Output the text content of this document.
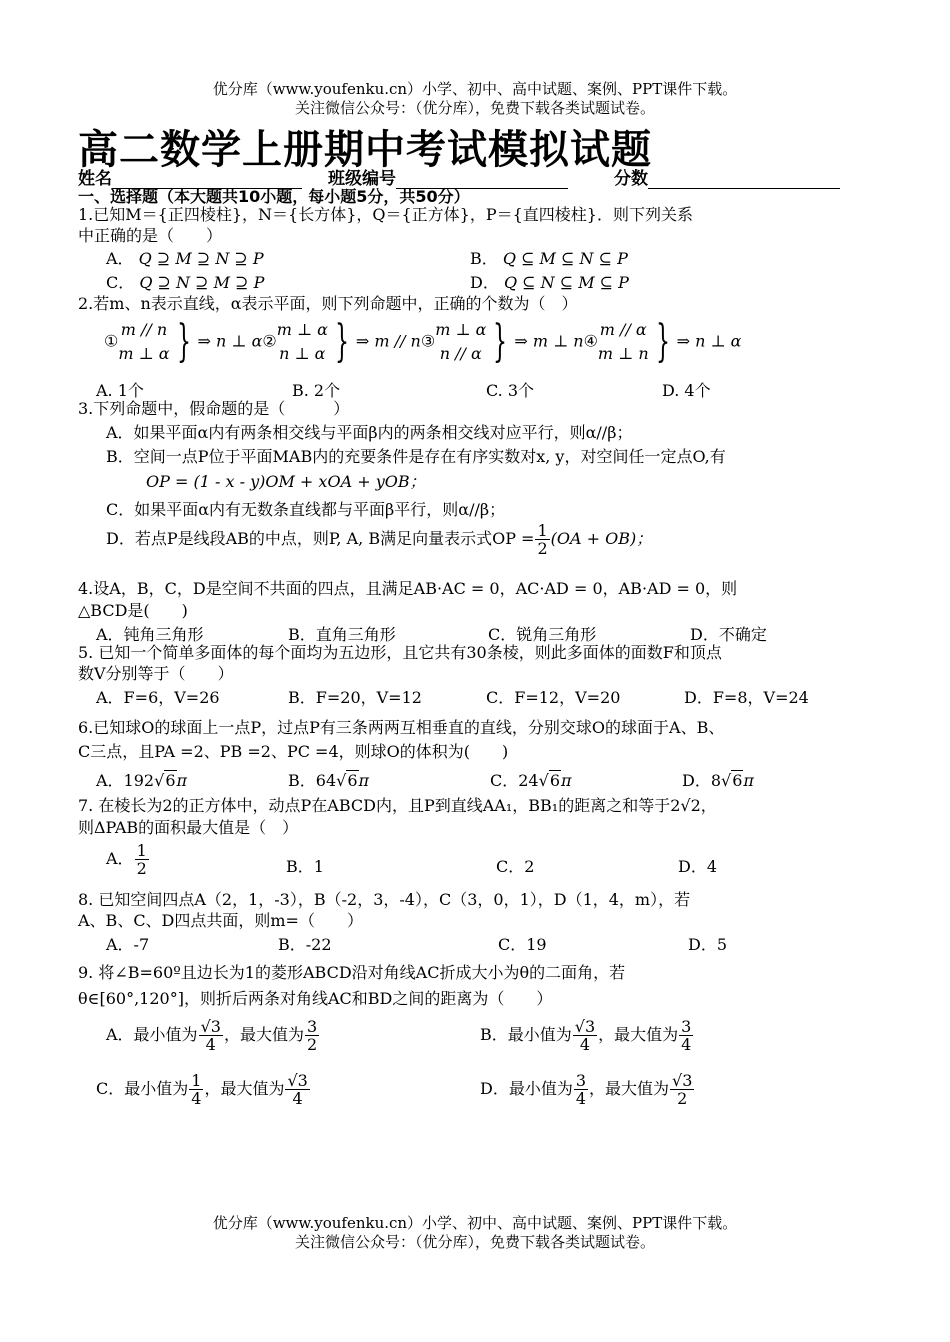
优分库（www.youfenku.cn）小学、初中、高中试题、案例、PPT课件下载。
关注微信公众号：（优分库），免费下载各类试题试卷。
高二数学上册期中考试模拟试题
姓名	班级编号	分数
一、选择题（本大题共10小题，每小题5分，共50分）
1.已知M＝{正四棱柱}，N＝{长方体}，Q＝{正方体}，P＝{直四棱柱}．则下列关系
中正确的是（　　）
A． Q ⊇ M ⊇ N ⊇ P	B． Q ⊆ M ⊆ N ⊆ P
C． Q ⊇ N ⊇ M ⊇ P	D． Q ⊆ N ⊆ M ⊆ P
2.若m、n表示直线，α表示平面，则下列命题中，正确的个数为（　）
①
m // n
m ⊥ α } ⇒ n ⊥ α②
m ⊥ α
n ⊥ α } ⇒ m // n③
m ⊥ α
n // α } ⇒ m ⊥ n④
m // α
m ⊥ n } ⇒ n ⊥ α
A. 1个	B. 2个	C. 3个	D. 4个
3.下列命题中，假命题的是（　　　）
A．如果平面α内有两条相交线与平面β内的两条相交线对应平行，则α//β；
B．空间一点P位于平面MAB内的充要条件是存在有序实数对x, y，对空间任一定点O,有
OP = (1 - x - y)OM + xOA + yOB；
C．如果平面α内有无数条直线都与平面β平行，则α//β；
D．若点P是线段AB的中点，则P, A, B满足向量表示式OP = $\frac{1}{2} (OA + OB)$；
4.设A，B，C，D是空间不共面的四点，且满足AB·AC = 0，AC·AD = 0，AB·AD = 0，则
△BCD是(　　)
A．钝角三角形	B．直角三角形	C．锐角三角形	D．不确定
5. 已知一个简单多面体的每个面均为五边形，且它共有30条棱，则此多面体的面数F和顶点
数V分别等于（　　）
A．F=6，V=26	B．F=20，V=12	C．F=12，V=20	D．F=8，V=24
6.已知球O的球面上一点P，过点P有三条两两互相垂直的直线，分别交球O的球面于A、B、
C三点，且PA =2、PB =2、PC =4，则球O的体积为(　　)
A．192√6π	B．64√6π	C．24√6π	D．8√6π
7. 在棱长为2的正方体中，动点P在ABCD内，且P到直线AA₁，BB₁的距离之和等于2√2，
则ΔPAB的面积最大值是（　）
A． $\frac{1}{2}$	B．1	C．2	D．4
8. 已知空间四点A（2，1，-3），B（-2，3，-4），C（3，0，1），D（1，4，m），若
A、B、C、D四点共面，则m=（　　）
A．-7	B．-22	C．19	D．5
9. 将∠B=60º且边长为1的菱形ABCD沿对角线AC折成大小为θ的二面角，若
θ∈[60°,120°]，则折后两条对角线AC和BD之间的距离为（　　）
A．最小值为 $\frac{√3}{4}$ ，最大值为 $\frac{3}{2}$	B．最小值为 $\frac{√3}{4}$ ，最大值为 $\frac{3}{4}$
C．最小值为 $\frac{1}{4}$ ，最大值为 $\frac{√3}{4}$	D．最小值为 $\frac{3}{4}$ ，最大值为 $\frac{√3}{2}$
优分库（www.youfenku.cn）小学、初中、高中试题、案例、PPT课件下载。
关注微信公众号：（优分库），免费下载各类试题试卷。
